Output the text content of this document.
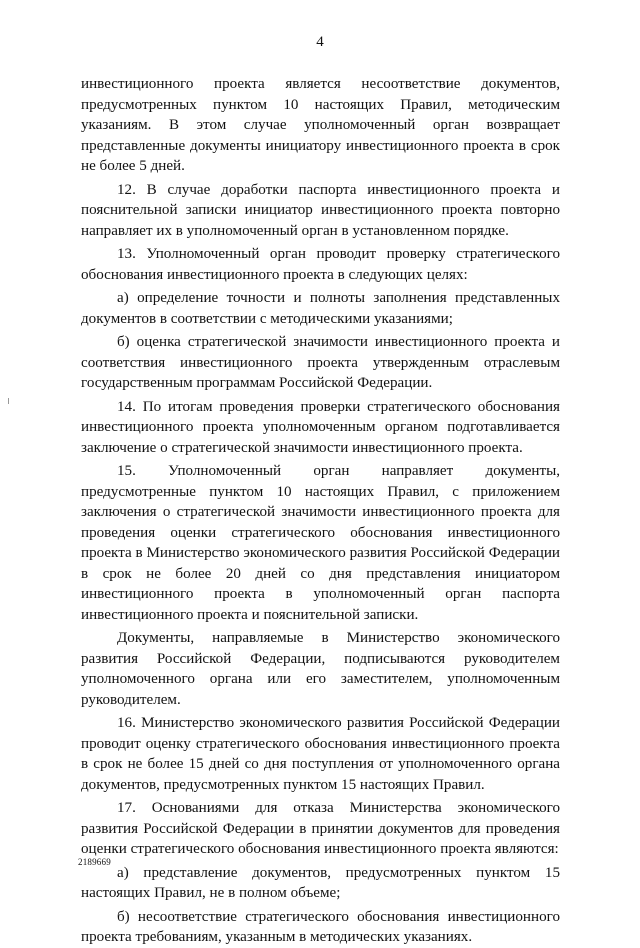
4

инвестиционного проекта является несоответствие документов, предусмотренных пунктом 10 настоящих Правил, методическим указаниям. В этом случае уполномоченный орган возвращает представленные документы инициатору инвестиционного проекта в срок не более 5 дней.

12. В случае доработки паспорта инвестиционного проекта и пояснительной записки инициатор инвестиционного проекта повторно направляет их в уполномоченный орган в установленном порядке.

13. Уполномоченный орган проводит проверку стратегического обоснования инвестиционного проекта в следующих целях:

а) определение точности и полноты заполнения представленных документов в соответствии с методическими указаниями;

б) оценка стратегической значимости инвестиционного проекта и соответствия инвестиционного проекта утвержденным отраслевым государственным программам Российской Федерации.

14. По итогам проведения проверки стратегического обоснования инвестиционного проекта уполномоченным органом подготавливается заключение о стратегической значимости инвестиционного проекта.

15. Уполномоченный орган направляет документы, предусмотренные пунктом 10 настоящих Правил, с приложением заключения о стратегической значимости инвестиционного проекта для проведения оценки стратегического обоснования инвестиционного проекта в Министерство экономического развития Российской Федерации в срок не более 20 дней со дня представления инициатором инвестиционного проекта в уполномоченный орган паспорта инвестиционного проекта и пояснительной записки.

Документы, направляемые в Министерство экономического развития Российской Федерации, подписываются руководителем уполномоченного органа или его заместителем, уполномоченным руководителем.

16. Министерство экономического развития Российской Федерации проводит оценку стратегического обоснования инвестиционного проекта в срок не более 15 дней со дня поступления от уполномоченного органа документов, предусмотренных пунктом 15 настоящих Правил.

17. Основаниями для отказа Министерства экономического развития Российской Федерации в принятии документов для проведения оценки стратегического обоснования инвестиционного проекта являются:

а) представление документов, предусмотренных пунктом 15 настоящих Правил, не в полном объеме;

б) несоответствие стратегического обоснования инвестиционного проекта требованиям, указанным в методических указаниях.

2189669
